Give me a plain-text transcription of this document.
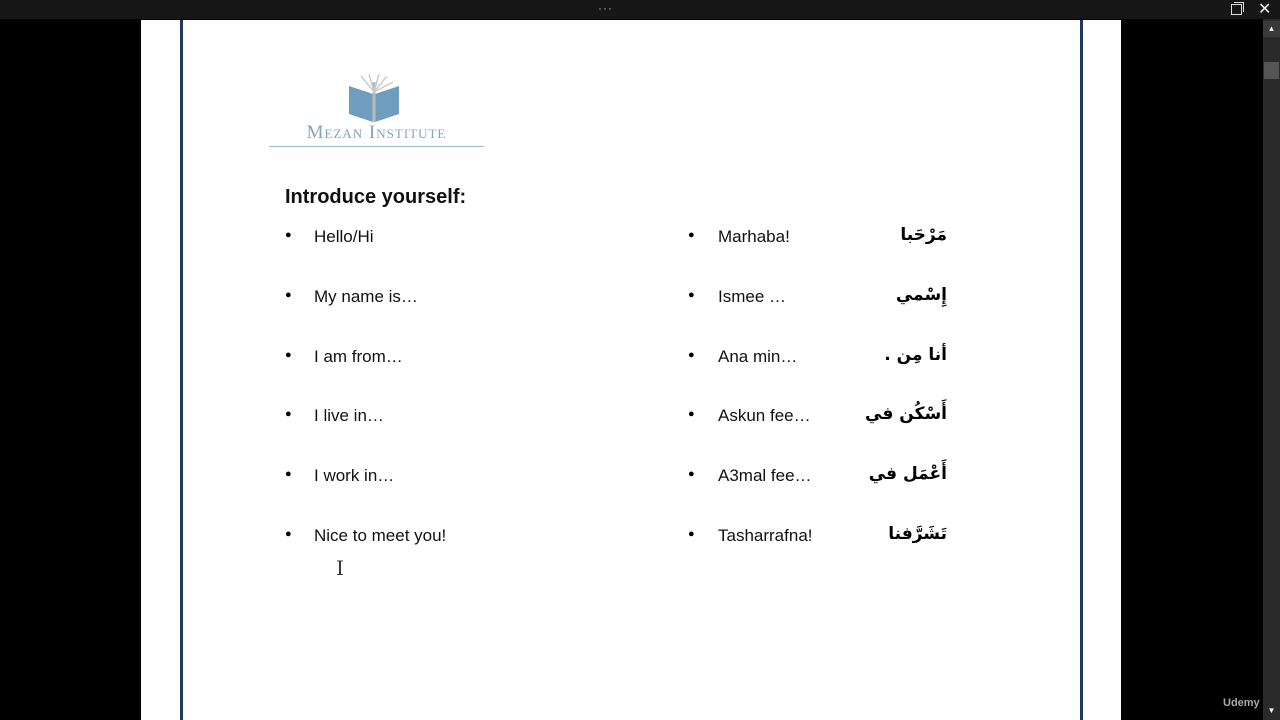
···	✕
Mezan Institute
Introduce yourself:
● Hello/Hi	● Marhaba!	مَرْحَبا
● My name is…	● Ismee …	إِسْمي
● I am from…	● Ana min…	أنا مِن .
● I live in…	● Askun fee…	أَسْكُن في
● I work in…	● A3mal fee…	أَعْمَل في
● Nice to meet you!	● Tasharrafna!	تَشَرَّفنا
I
▲
▼
Udemy
